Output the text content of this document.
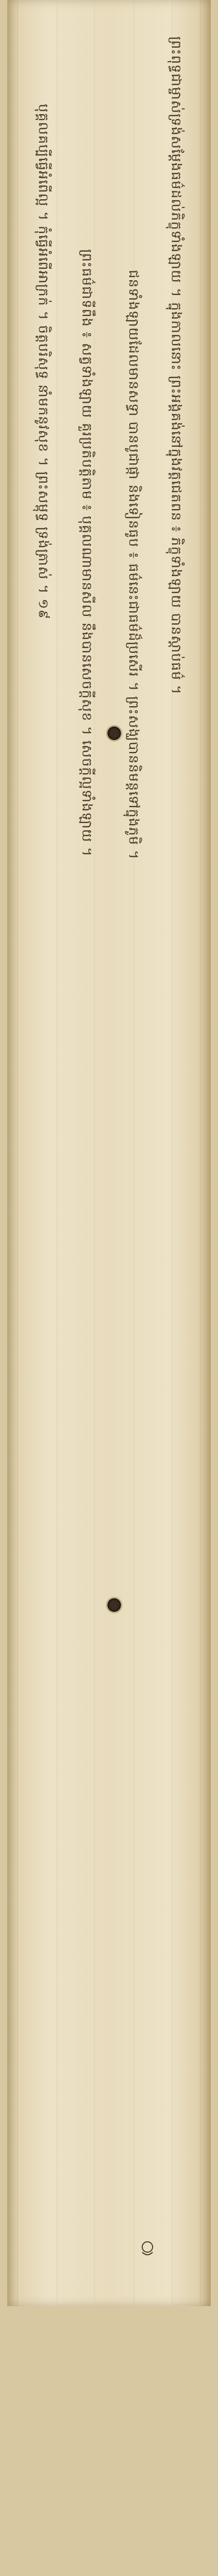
ព្រះពុទ្ធជាម្ចាស់ទ្រង់សម្ដែងធម៌ដល់ភិក្ខុទាំងឡាយ ។ ក្នុងកាលនោះ ព្រះអង្គគង់នៅក្នុងវត្តជេតពន ៖ ភិក្ខុទាំងឡាយ បានស្ដាប់ធម៌ ។
ជនទាំងឡាយដែលមានសទ្ធា បានបូជាផ្កា និងទៀនធូប ៖ ធម៌នេះជាធម៌ដ៏ប្រសើរ ។ ព្រះសង្ឃបាននិមន្តទៅក្នុងភូមិ ។
ព្រះធម៌ជាទីពឹង ៖ សត្វទាំងឡាយ គួរប្រតិបត្តិតាម ៖ បុគ្គលណាមានសីល នឹងបានសេចក្ដីសុខ ។ សេចក្ដីល្អទាំងឡាយ ។
បុគ្គលគប្បីធ្វើអំពើល្អ ។ កុំធ្វើអំពើអាក្រក់ ។ ចិត្តបរិសុទ្ធ នាំមកនូវសុខ ។ ព្រះសម្ពុទ្ធ ទ្រង់ត្រាស់ ។ ១៩
